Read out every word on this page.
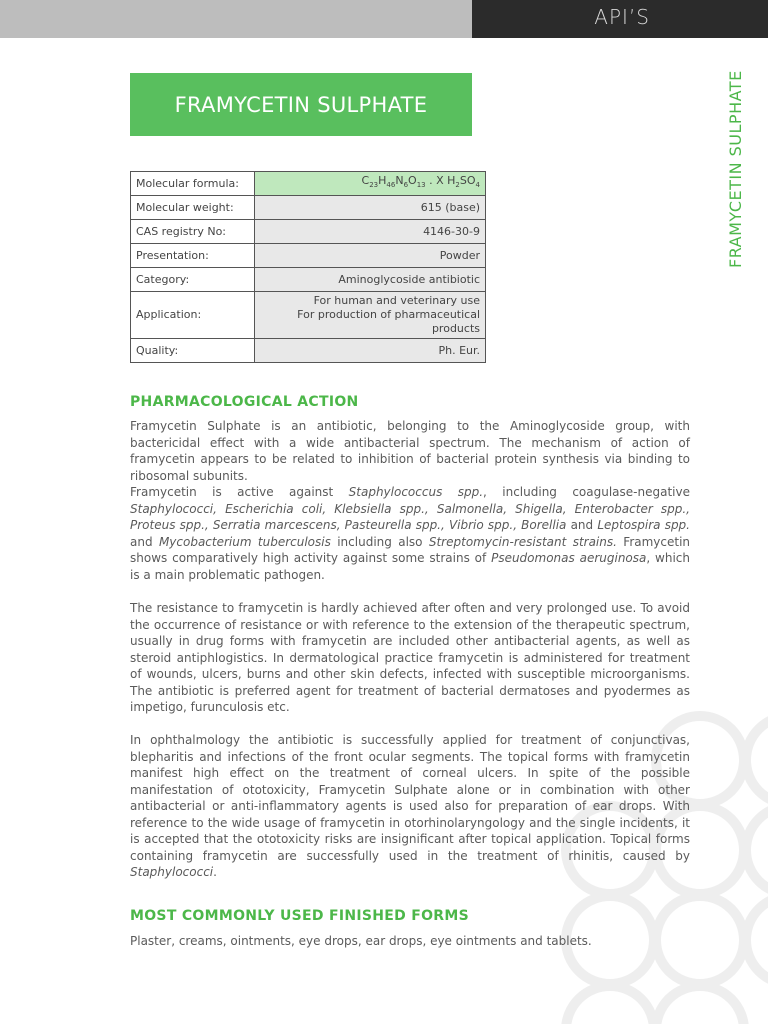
API’S
FRAMYCETIN SULPHATE
FRAMYCETIN SULPHATE
Molecular formula:	$C_{23}H_{46}N_6O_{13}$ . X $H_2SO_4$
Molecular weight:	615 (base)
CAS registry No:	4146-30-9
Presentation:	Powder
Category:	Aminoglycoside antibiotic
Application:	For human and veterinary use
For production of pharmaceutical products
Quality:	Ph. Eur.
PHARMACOLOGICAL ACTION

Framycetin Sulphate is an antibiotic, belonging to the Aminoglycoside group, with bactericidal effect with a wide antibacterial spectrum. The mechanism of action of framycetin appears to be related to inhibition of bacterial protein synthesis via binding to ribosomal subunits.

Framycetin is active against Staphylococcus spp., including coagulase-negative Staphylococci, Escherichia coli, Klebsiella spp., Salmonella, Shigella, Enterobacter spp., Proteus spp., Serratia marcescens, Pasteurella spp., Vibrio spp., Borellia and Leptospira spp. and Mycobacterium tuberculosis including also Streptomycin-resistant strains. Framycetin shows comparatively high activity against some strains of Pseudomonas aeruginosa, which is a main problematic pathogen.

The resistance to framycetin is hardly achieved after often and very prolonged use. To avoid the occurrence of resistance or with reference to the extension of the therapeutic spectrum, usually in drug forms with framycetin are included other antibacterial agents, as well as steroid antiphlogistics. In dermatological practice framycetin is administered for treatment of wounds, ulcers, burns and other skin defects, infected with susceptible microorganisms. The antibiotic is preferred agent for treatment of bacterial dermatoses and pyodermes as impetigo, furunculosis etc.

In ophthalmology the antibiotic is successfully applied for treatment of conjunctivas, blepharitis and infections of the front ocular segments. The topical forms with framycetin manifest high effect on the treatment of corneal ulcers. In spite of the possible manifestation of ototoxicity, Framycetin Sulphate alone or in combination with other antibacterial or anti-inflammatory agents is used also for preparation of ear drops. With reference to the wide usage of framycetin in otorhinolaryngology and the single incidents, it is accepted that the ototoxicity risks are insignificant after topical application. Topical forms containing framycetin are successfully used in the treatment of rhinitis, caused by Staphylococci.

MOST COMMONLY USED FINISHED FORMS

Plaster, creams, ointments, eye drops, ear drops, eye ointments and tablets.
